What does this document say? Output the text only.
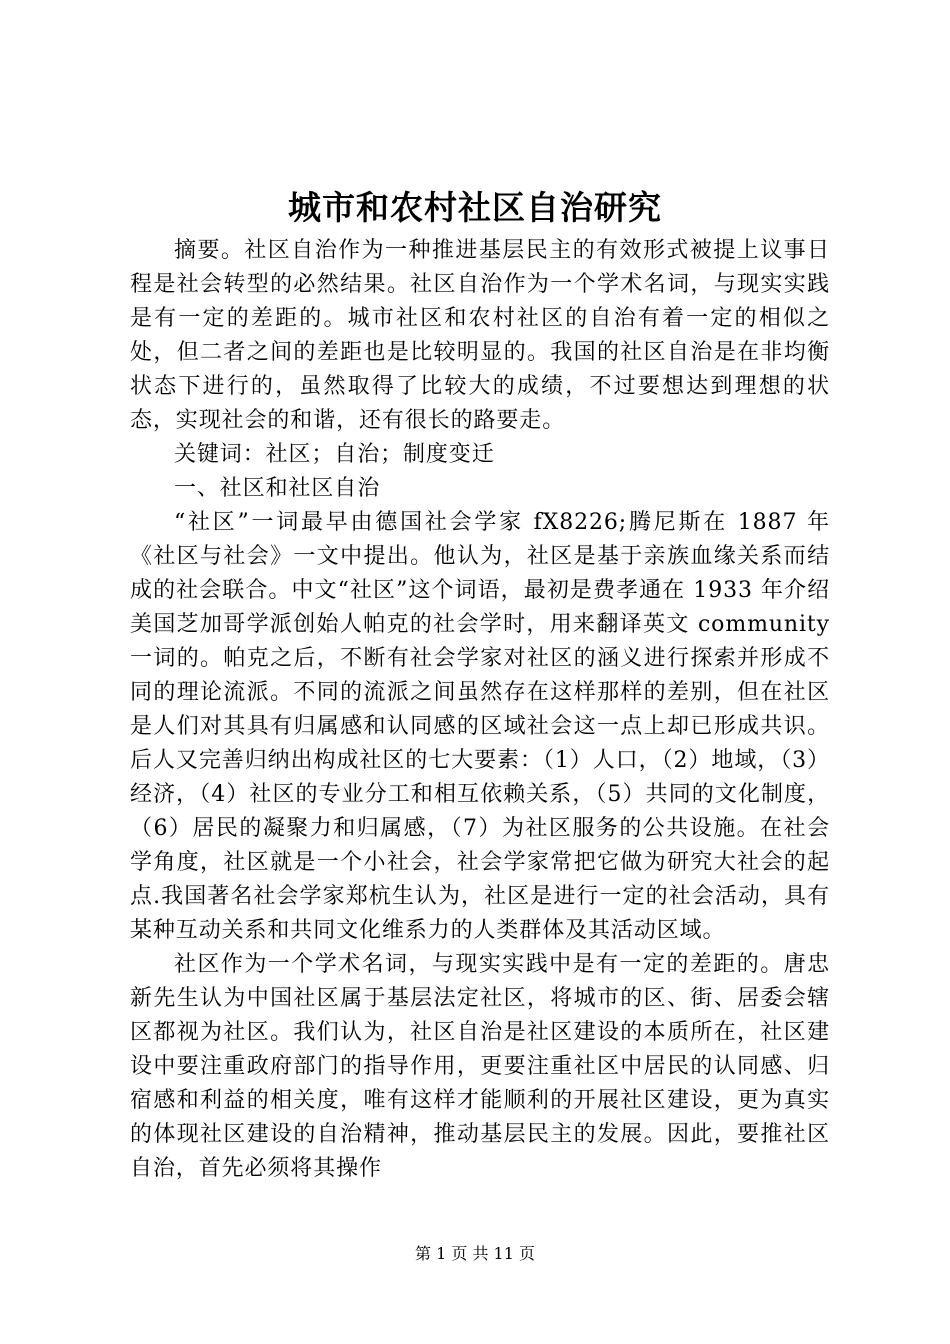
城市和农村社区自治研究

摘要。社区自治作为一种推进基层民主的有效形式被提上议事日程是社会转型的必然结果。社区自治作为一个学术名词，与现实实践是有一定的差距的。城市社区和农村社区的自治有着一定的相似之处，但二者之间的差距也是比较明显的。我国的社区自治是在非均衡状态下进行的，虽然取得了比较大的成绩，不过要想达到理想的状态，实现社会的和谐，还有很长的路要走。

关键词：社区；自治；制度变迁

一、社区和社区自治

“社区”一词最早由德国社会学家 fX8226;腾尼斯在 1887 年《社区与社会》一文中提出。他认为，社区是基于亲族血缘关系而结成的社会联合。中文“社区”这个词语，最初是费孝通在 1933 年介绍美国芝加哥学派创始人帕克的社会学时，用来翻译英文 community 一词的。帕克之后，不断有社会学家对社区的涵义进行探索并形成不同的理论流派。不同的流派之间虽然存在这样那样的差别，但在社区是人们对其具有归属感和认同感的区域社会这一点上却已形成共识。后人又完善归纳出构成社区的七大要素：（1）人口，（2）地域，（3）经济，（4）社区的专业分工和相互依赖关系，（5）共同的文化制度，（6）居民的凝聚力和归属感，（7）为社区服务的公共设施。在社会学角度，社区就是一个小社会，社会学家常把它做为研究大社会的起点.我国著名社会学家郑杭生认为，社区是进行一定的社会活动，具有某种互动关系和共同文化维系力的人类群体及其活动区域。

社区作为一个学术名词，与现实实践中是有一定的差距的。唐忠新先生认为中国社区属于基层法定社区，将城市的区、街、居委会辖区都视为社区。我们认为，社区自治是社区建设的本质所在，社区建设中要注重政府部门的指导作用，更要注重社区中居民的认同感、归宿感和利益的相关度，唯有这样才能顺利的开展社区建设，更为真实的体现社区建设的自治精神，推动基层民主的发展。因此，要推社区自治，首先必须将其操作

第 1 页 共 11 页
